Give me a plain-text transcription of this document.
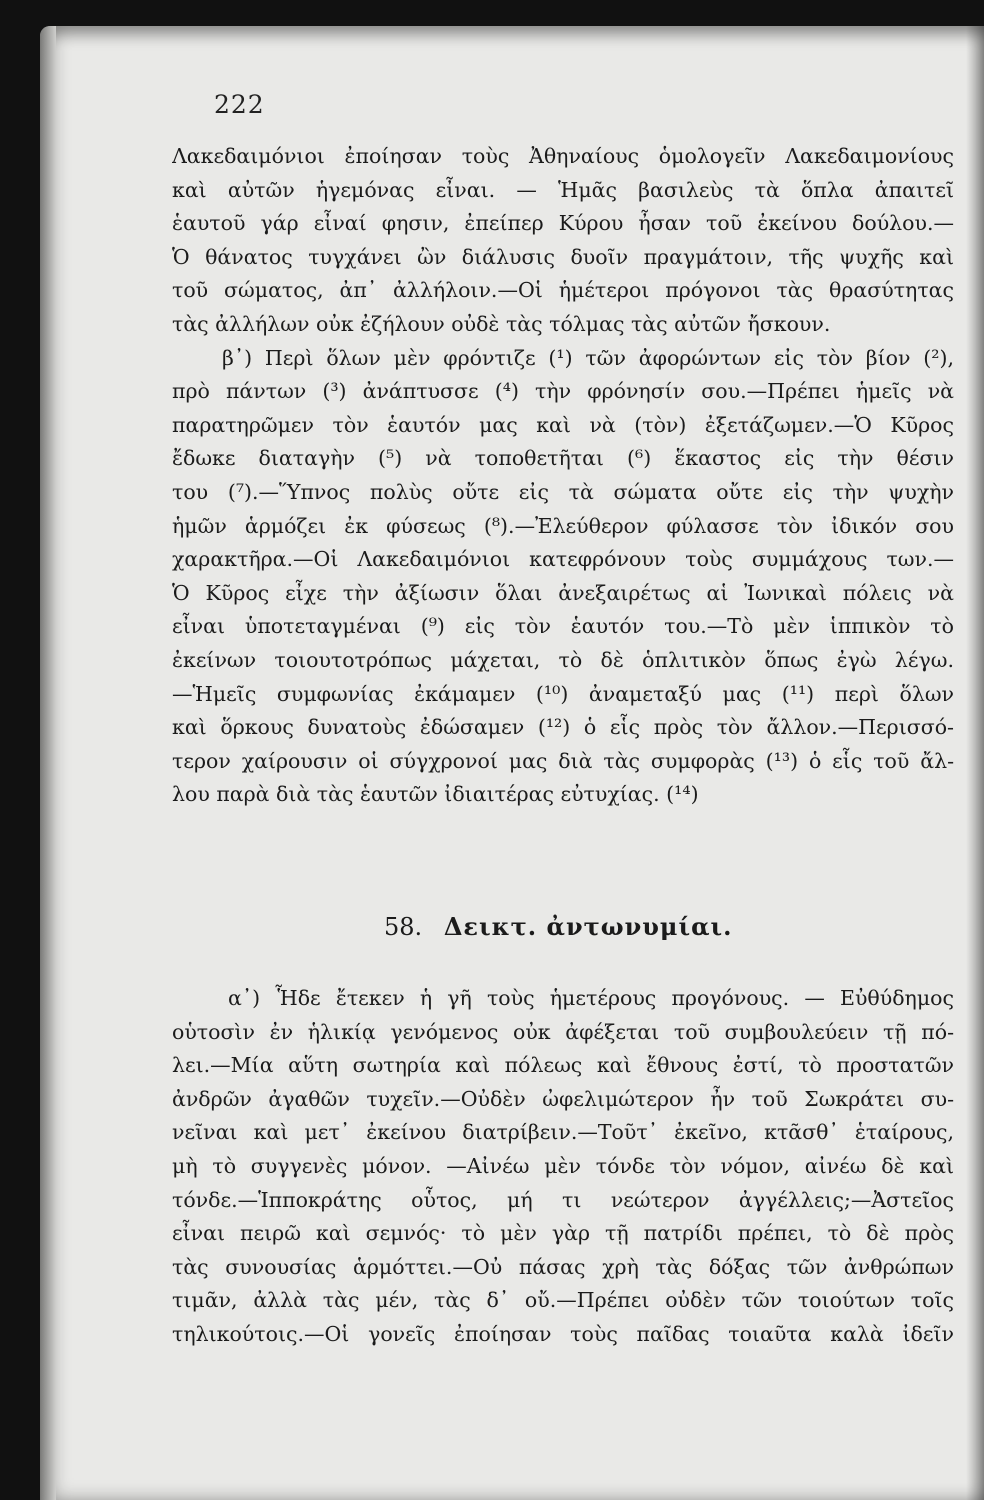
222
Λακεδαιμόνιοι ἐποίησαν τοὺς Ἀθηναίους ὁμολογεῖν Λακεδαιμονίους
καὶ αὐτῶν ἡγεμόνας εἶναι. — Ἡμᾶς βασιλεὺς τὰ ὅπλα ἀπαιτεῖ
ἑαυτοῦ γάρ εἶναί φησιν, ἐπείπερ Κύρου ἦσαν τοῦ ἐκείνου δούλου.—
Ὁ θάνατος τυγχάνει ὢν διάλυσις δυοῖν πραγμάτοιν, τῆς ψυχῆς καὶ
τοῦ σώματος, ἀπ᾽ ἀλλήλοιν.—Οἱ ἡμέτεροι πρόγονοι τὰς θρασύτητας
τὰς ἀλλήλων οὐκ ἐζήλουν οὐδὲ τὰς τόλμας τὰς αὐτῶν ἤσκουν.
β᾽) Περὶ ὅλων μὲν φρόντιζε (¹) τῶν ἀφορώντων εἰς τὸν βίον (²),
πρὸ πάντων (³) ἀνάπτυσσε (⁴) τὴν φρόνησίν σου.—Πρέπει ἡμεῖς νὰ
παρατηρῶμεν τὸν ἑαυτόν μας καὶ νὰ (τὸν) ἐξετάζωμεν.—Ὁ Κῦρος
ἔδωκε διαταγὴν (⁵) νὰ τοποθετῆται (⁶) ἕκαστος εἰς τὴν θέσιν
του (⁷).—Ὕπνος πολὺς οὔτε εἰς τὰ σώματα οὔτε εἰς τὴν ψυχὴν
ἡμῶν ἁρμόζει ἐκ φύσεως (⁸).—Ἐλεύθερον φύλασσε τὸν ἰδικόν σου
χαρακτῆρα.—Οἱ Λακεδαιμόνιοι κατεφρόνουν τοὺς συμμάχους των.—
Ὁ Κῦρος εἶχε τὴν ἀξίωσιν ὅλαι ἀνεξαιρέτως αἱ Ἰωνικαὶ πόλεις νὰ
εἶναι ὑποτεταγμέναι (⁹) εἰς τὸν ἑαυτόν του.—Τὸ μὲν ἱππικὸν τὸ
ἐκείνων τοιουτοτρόπως μάχεται, τὸ δὲ ὁπλιτικὸν ὅπως ἐγὼ λέγω.
—Ἡμεῖς συμφωνίας ἐκάμαμεν (¹⁰) ἀναμεταξύ μας (¹¹) περὶ ὅλων
καὶ ὅρκους δυνατοὺς ἐδώσαμεν (¹²) ὁ εἷς πρὸς τὸν ἄλλον.—Περισσό-
τερον χαίρουσιν οἱ σύγχρονοί μας διὰ τὰς συμφορὰς (¹³) ὁ εἷς τοῦ ἄλ-
λου παρὰ διὰ τὰς ἑαυτῶν ἰδιαιτέρας εὐτυχίας. (¹⁴)
58. Δεικτ. ἀντωνυμίαι.
α᾽) Ἧδε ἔτεκεν ἡ γῆ τοὺς ἡμετέρους προγόνους. — Εὐθύδημος
οὑτοσὶν ἐν ἡλικίᾳ γενόμενος οὐκ ἀφέξεται τοῦ συμβουλεύειν τῇ πό-
λει.—Μία αὕτη σωτηρία καὶ πόλεως καὶ ἔθνους ἐστί, τὸ προστατῶν
ἀνδρῶν ἀγαθῶν τυχεῖν.—Οὐδὲν ὠφελιμώτερον ἦν τοῦ Σωκράτει συ-
νεῖναι καὶ μετ᾽ ἐκείνου διατρίβειν.—Τοῦτ᾽ ἐκεῖνο, κτᾶσθ᾽ ἑταίρους,
μὴ τὸ συγγενὲς μόνον. —Αἰνέω μὲν τόνδε τὸν νόμον, αἰνέω δὲ καὶ
τόνδε.—Ἱπποκράτης οὗτος, μή τι νεώτερον ἀγγέλλεις;—Ἀστεῖος
εἶναι πειρῶ καὶ σεμνός· τὸ μὲν γὰρ τῇ πατρίδι πρέπει, τὸ δὲ πρὸς
τὰς συνουσίας ἁρμόττει.—Οὐ πάσας χρὴ τὰς δόξας τῶν ἀνθρώπων
τιμᾶν, ἀλλὰ τὰς μέν, τὰς δ᾽ οὔ.—Πρέπει οὐδὲν τῶν τοιούτων τοῖς
τηλικούτοις.—Οἱ γονεῖς ἐποίησαν τοὺς παῖδας τοιαῦτα καλὰ ἰδεῖν
